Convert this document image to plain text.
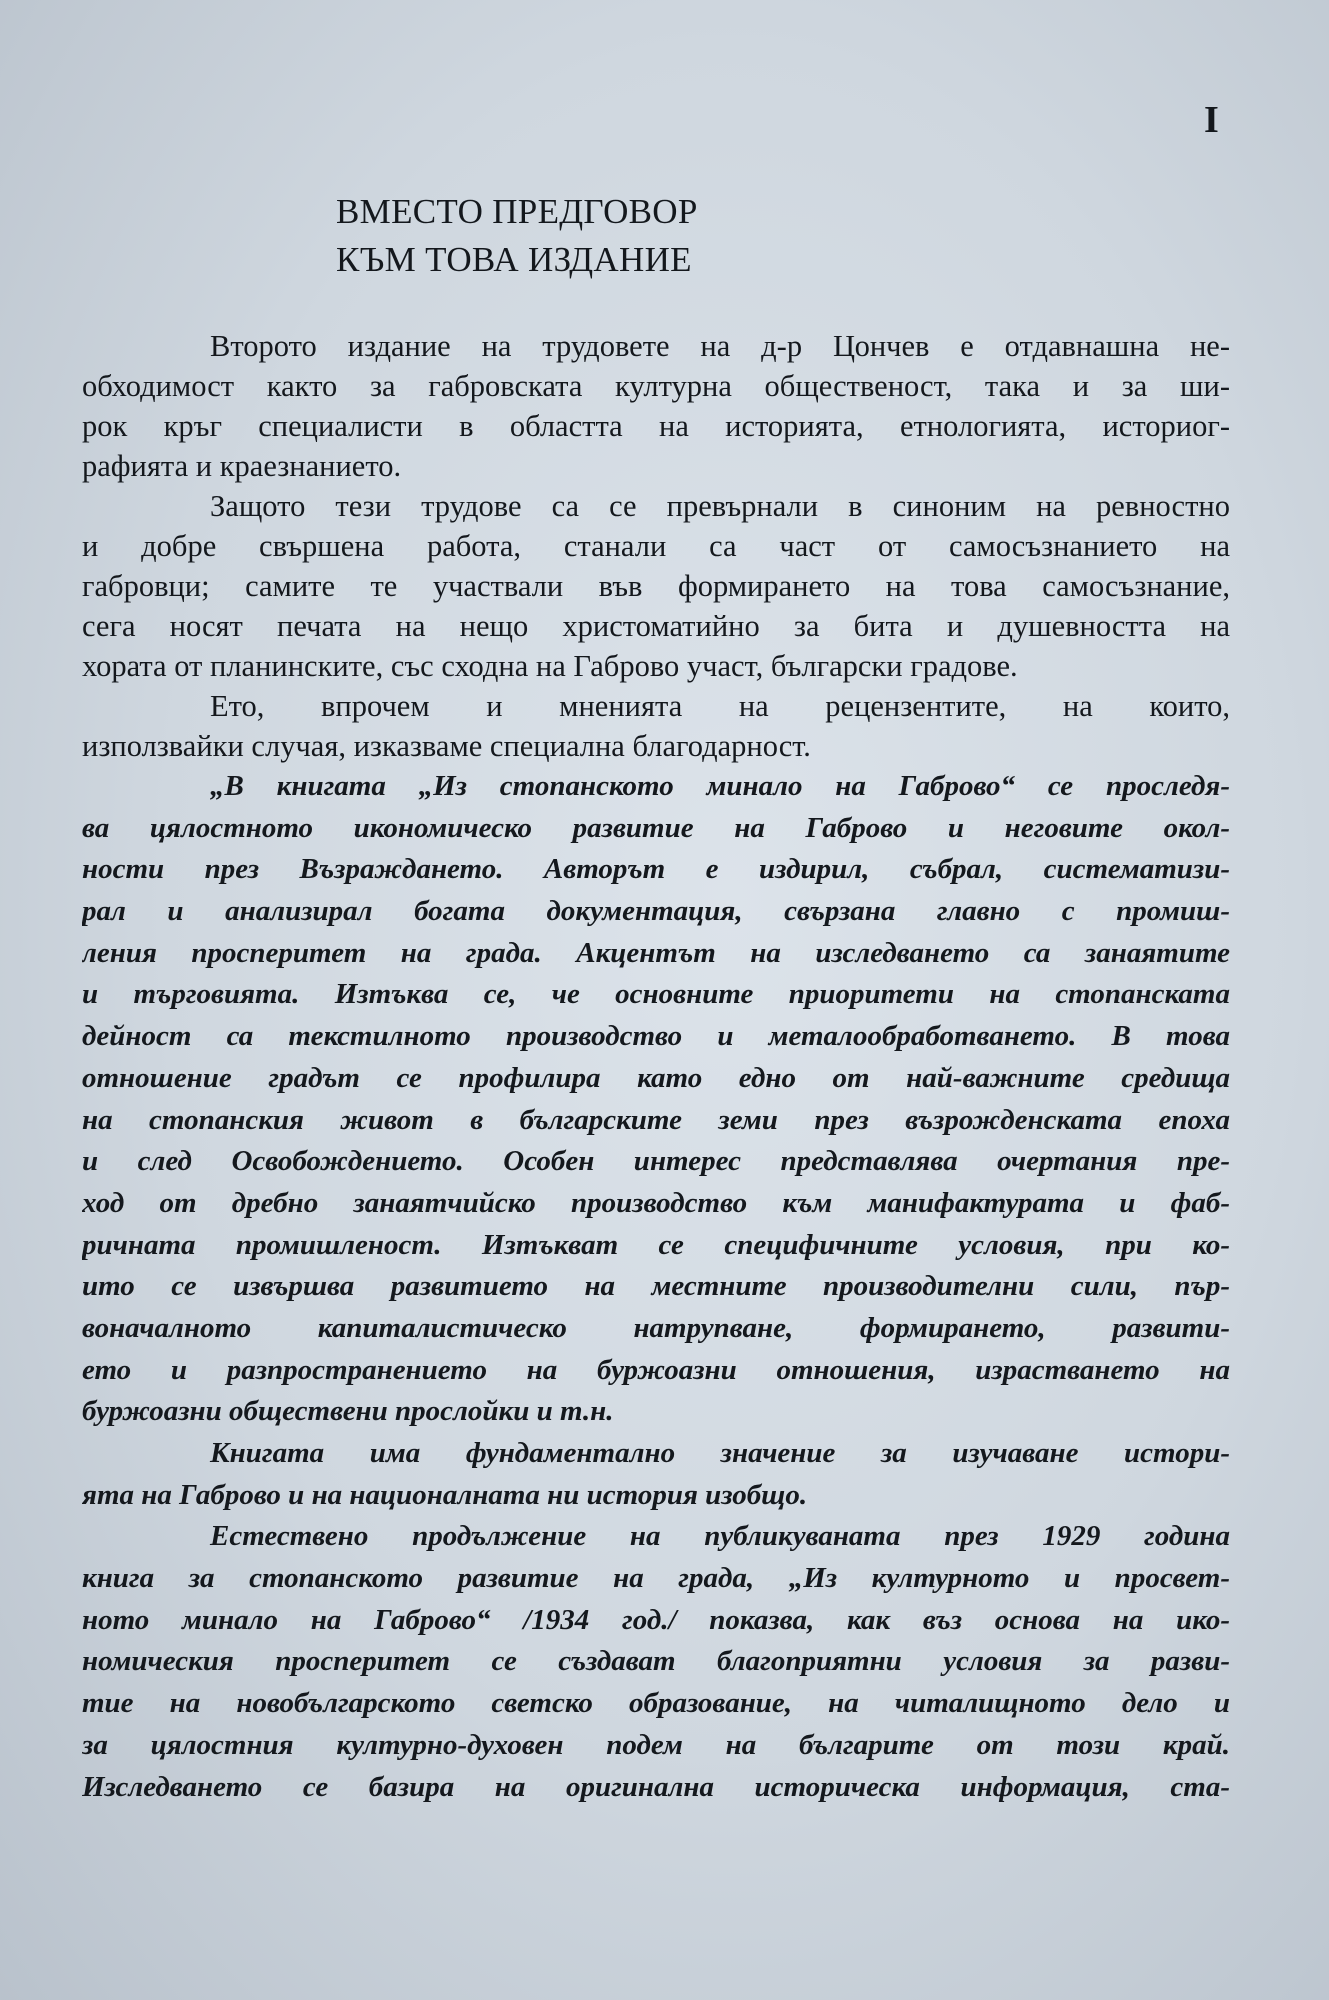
I
ВМЕСТО ПРЕДГОВОР
КЪМ ТОВА ИЗДАНИЕ
Второто издание на трудовете на д-р Цончев е отдавнашна не-
обходимост както за габровската културна общественост, така и за ши-
рок кръг специалисти в областта на историята, етнологията, историог-
рафията и краезнанието.
Защото тези трудове са се превърнали в синоним на ревностно
и добре свършена работа, станали са част от самосъзнанието на
габровци; самите те участвали във формирането на това самосъзнание,
сега носят печата на нещо христоматийно за бита и душевността на
хората от планинските, със сходна на Габрово участ, български градове.
Ето, впрочем и мненията на рецензентите, на които,
използвайки случая, изказваме специална благодарност.
„В книгата „Из стопанското минало на Габрово“ се проследя-
ва цялостното икономическо развитие на Габрово и неговите окол-
ности през Възраждането. Авторът е издирил, събрал, систематизи-
рал и анализирал богата документация, свързана главно с промиш-
ления просперитет на града. Акцентът на изследването са занаятите
и търговията. Изтъква се, че основните приоритети на стопанската
дейност са текстилното производство и металообработването. В това
отношение градът се профилира като едно от най-важните средища
на стопанския живот в българските земи през възрожденската епоха
и след Освобождението. Особен интерес представлява очертания пре-
ход от дребно занаятчийско производство към манифактурата и фаб-
ричната промишленост. Изтъкват се специфичните условия, при ко-
ито се извършва развитието на местните производителни сили, пър-
воначалното капиталистическо натрупване, формирането, развити-
ето и разпространението на буржоазни отношения, израстването на
буржоазни обществени прослойки и т.н.
Книгата има фундаментално значение за изучаване истори-
ята на Габрово и на националната ни история изобщо.
Естествено продължение на публикуваната през 1929 година
книга за стопанското развитие на града, „Из културното и просвет-
ното минало на Габрово“ /1934 год./ показва, как въз основа на ико-
номическия просперитет се създават благоприятни условия за разви-
тие на новобългарското светско образование, на читалищното дело и
за цялостния културно-духовен подем на българите от този край.
Изследването се базира на оригинална историческа информация, ста-
